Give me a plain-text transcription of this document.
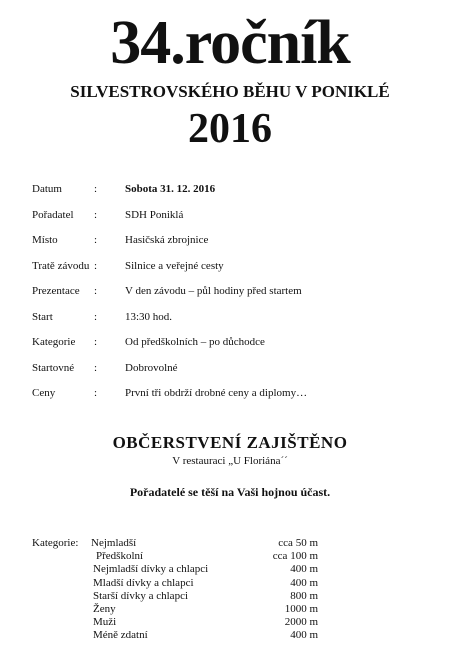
34.ročník
SILVESTROVSKÉHO BĚHU V PONIKLÉ
2016
Datum	:	Sobota 31. 12. 2016
Pořadatel :	SDH Poniklá
Místo	:	Hasičská zbrojnice
Tratě závodu :	Silnice a veřejné cesty
Prezentace :	V den závodu – půl hodiny před startem
Start	:	13:30 hod.
Kategorie :	Od předškolních – po důchodce
Startovné :	Dobrovolné
Ceny	:	První tři obdrží drobné ceny a diplomy…
OBČERSTVENÍ ZAJIŠTĚNO
V restauraci „U Floriána´´
Pořadatelé se těší na Vaši hojnou účast.
Kategorie: Nejmladší	cca 50 m
Předškolní	cca 100 m
Nejmladší dívky a chlapci	400 m
Mladší dívky a chlapci	400 m
Starší dívky a chlapci	800 m
Ženy	1000 m
Muži	2000 m
Méně zdatní	400 m
